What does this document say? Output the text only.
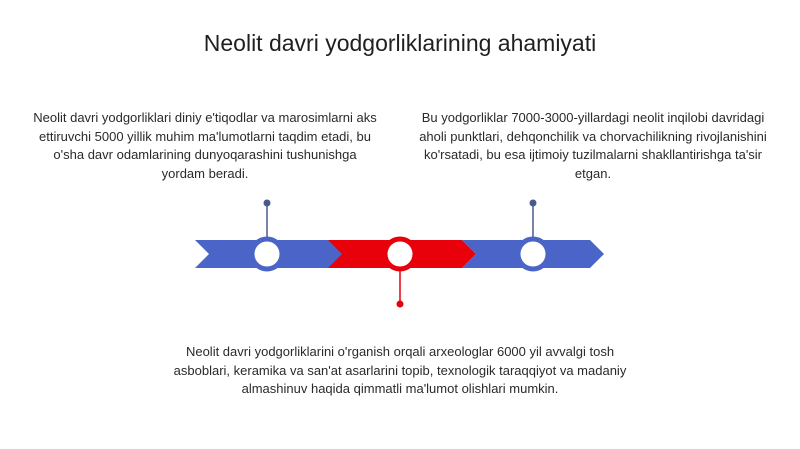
Neolit davri yodgorliklarining ahamiyati
Neolit davri yodgorliklari diniy e'tiqodlar va marosimlarni aks ettiruvchi 5000 yillik muhim ma'lumotlarni taqdim etadi, bu o'sha davr odamlarining dunyoqarashini tushunishga yordam beradi.
Bu yodgorliklar 7000-3000-yillardagi neolit inqilobi davridagi aholi punktlari, dehqonchilik va chorvachilikning rivojlanishini ko'rsatadi, bu esa ijtimoiy tuzilmalarni shakllantirishga ta'sir etgan.
Neolit davri yodgorliklarini o'rganish orqali arxeologlar 6000 yil avvalgi tosh asboblari, keramika va san'at asarlarini topib, texnologik taraqqiyot va madaniy almashinuv haqida qimmatli ma'lumot olishlari mumkin.
